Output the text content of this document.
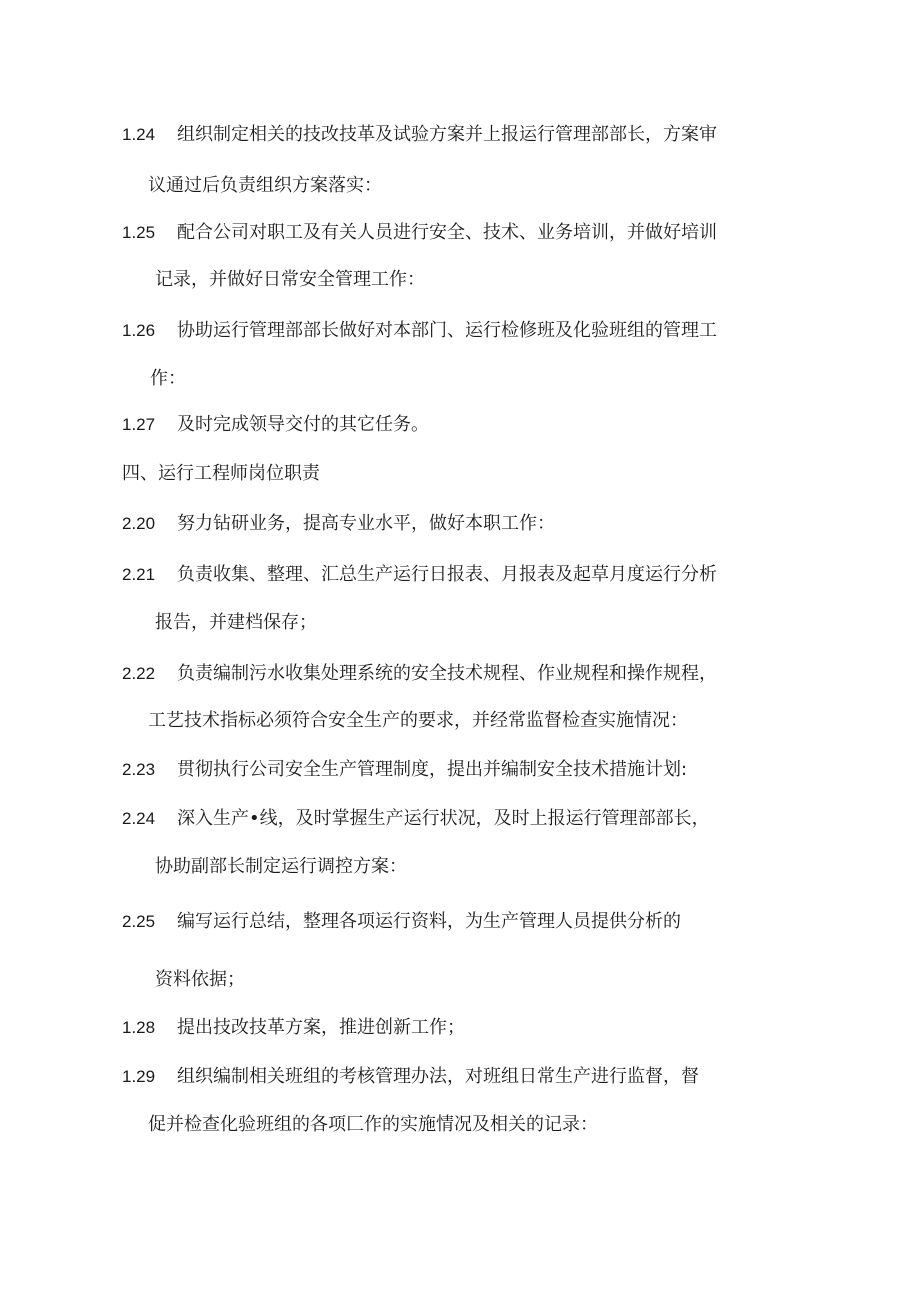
1.24 组织制定相关的技改技革及试验方案并上报运行管理部部长，方案审
议通过后负责组织方案落实：
1.25 配合公司对职工及有关人员进行安全、技术、业务培训，并做好培训
记录，并做好日常安全管理工作：
1.26 协助运行管理部部长做好对本部门、运行检修班及化验班组的管理工
作：
1.27 及时完成领导交付的其它任务。
四、运行工程师岗位职责
2.20 努力钻研业务，提高专业水平，做好本职工作：
2.21 负责收集、整理、汇总生产运行日报表、月报表及起草月度运行分析
报告，并建档保存；
2.22 负责编制污水收集处理系统的安全技术规程、作业规程和操作规程，
工艺技术指标必须符合安全生产的要求，并经常监督检查实施情况：
2.23 贯彻执行公司安全生产管理制度，提出并编制安全技术措施计划:
2.24 深入生产•线，及时掌握生产运行状况，及时上报运行管理部部长，
协助副部长制定运行调控方案：
2.25 编写运行总结，整理各项运行资料，为生产管理人员提供分析的
资料依据；
1.28 提出技改技革方案，推进创新工作；
1.29 组织编制相关班组的考核管理办法，对班组日常生产进行监督，督
促并检查化验班组的各项匚作的实施情况及相关的记录：
